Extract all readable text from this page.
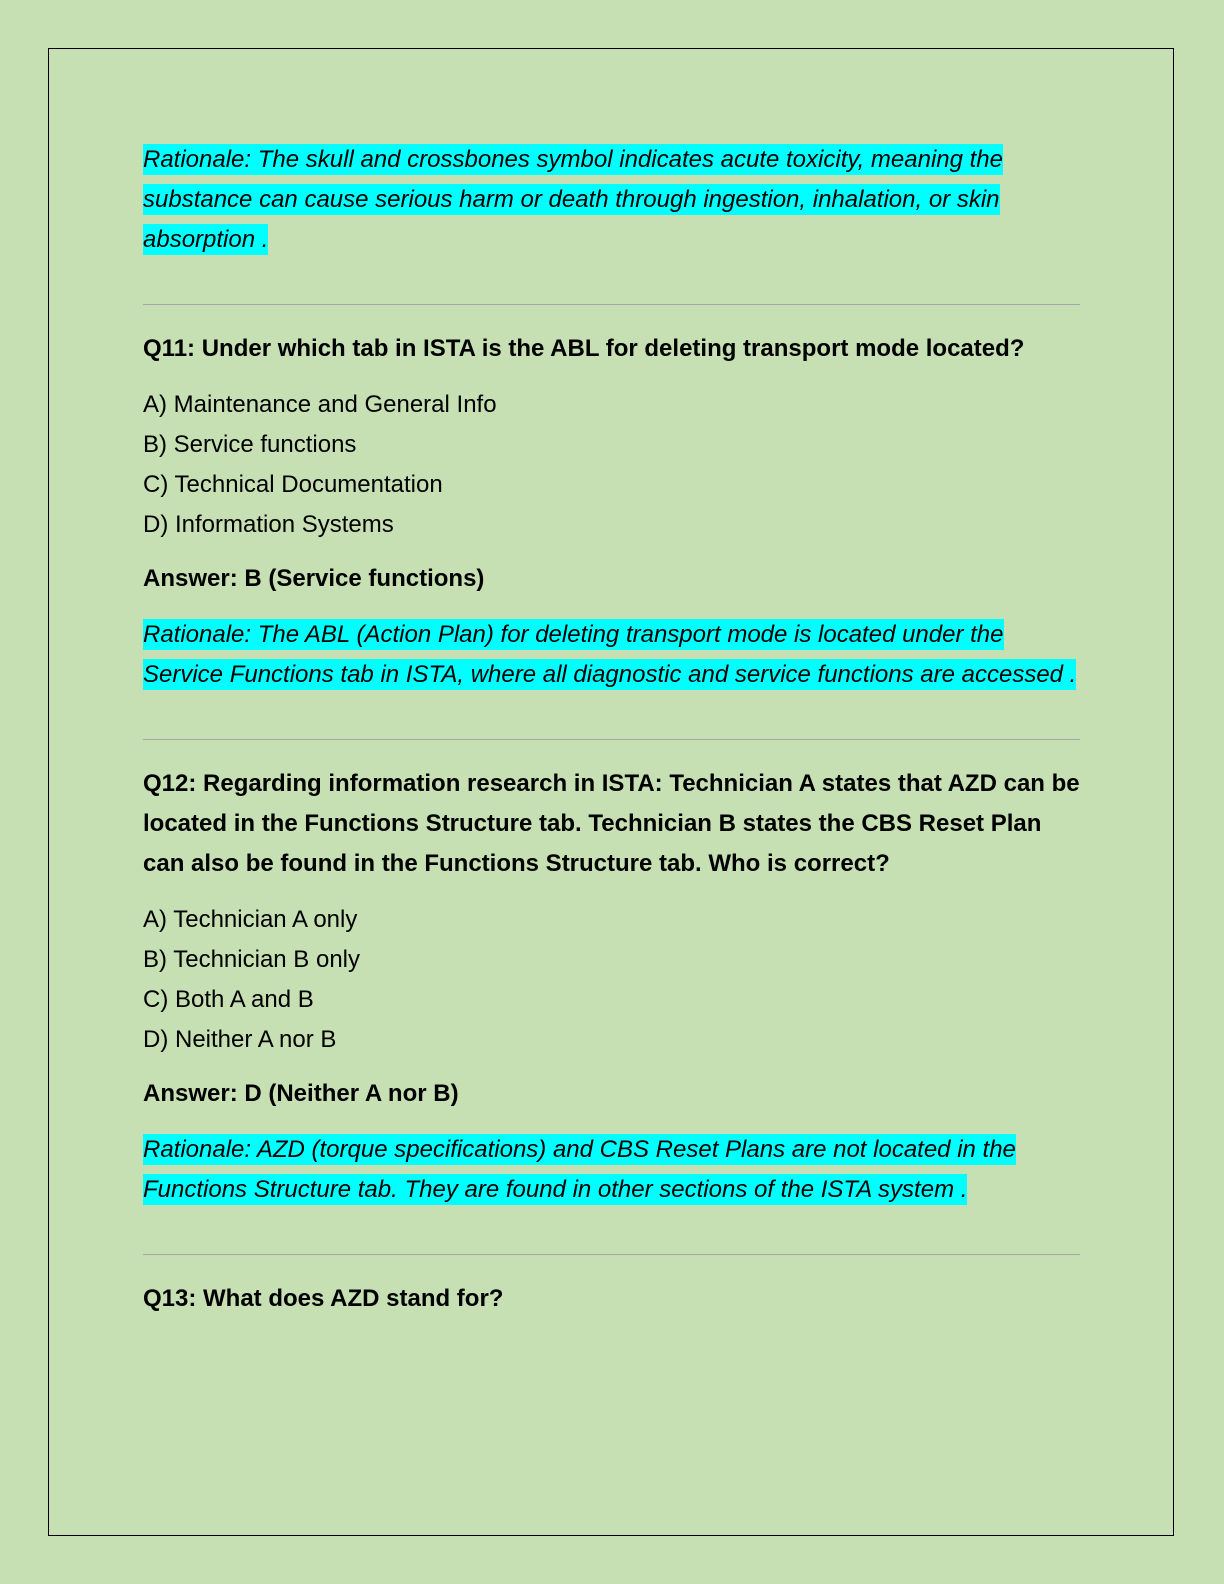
Rationale: The skull and crossbones symbol indicates acute toxicity, meaning the substance can cause serious harm or death through ingestion, inhalation, or skin absorption .

Q11: Under which tab in ISTA is the ABL for deleting transport mode located?

A) Maintenance and General Info
B) Service functions
C) Technical Documentation
D) Information Systems

Answer: B (Service functions)

Rationale: The ABL (Action Plan) for deleting transport mode is located under the Service Functions tab in ISTA, where all diagnostic and service functions are accessed .

Q12: Regarding information research in ISTA: Technician A states that AZD can be located in the Functions Structure tab. Technician B states the CBS Reset Plan can also be found in the Functions Structure tab. Who is correct?

A) Technician A only
B) Technician B only
C) Both A and B
D) Neither A nor B

Answer: D (Neither A nor B)

Rationale: AZD (torque specifications) and CBS Reset Plans are not located in the Functions Structure tab. They are found in other sections of the ISTA system .

Q13: What does AZD stand for?
